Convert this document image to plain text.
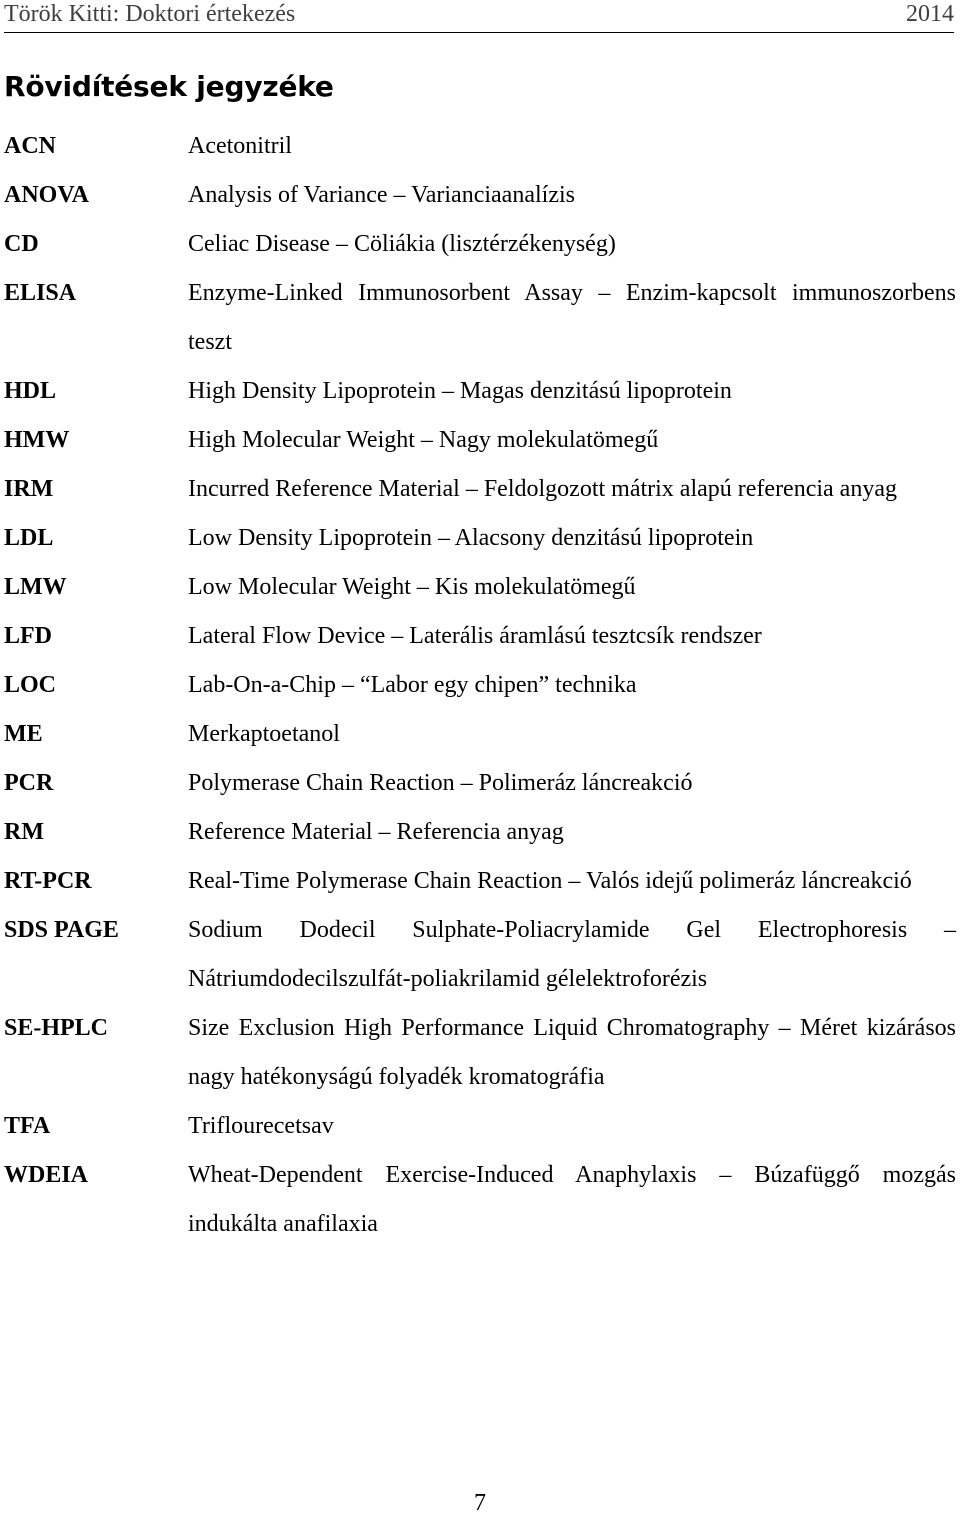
Török Kitti: Doktori értekezés	2014
Rövidítések jegyzéke
ACN	Acetonitril
ANOVA	Analysis of Variance – Varianciaanalízis
CD	Celiac Disease – Cöliákia (lisztérzékenység)
ELISA	Enzyme-Linked Immunosorbent Assay – Enzim-kapcsolt immunoszorbens teszt
HDL	High Density Lipoprotein – Magas denzitású lipoprotein
HMW	High Molecular Weight – Nagy molekulatömegű
IRM	Incurred Reference Material – Feldolgozott mátrix alapú referencia anyag
LDL	Low Density Lipoprotein – Alacsony denzitású lipoprotein
LMW	Low Molecular Weight – Kis molekulatömegű
LFD	Lateral Flow Device – Laterális áramlású tesztcsík rendszer
LOC	Lab-On-a-Chip – “Labor egy chipen” technika
ME	Merkaptoetanol
PCR	Polymerase Chain Reaction – Polimeráz láncreakció
RM	Reference Material – Referencia anyag
RT-PCR	Real-Time Polymerase Chain Reaction – Valós idejű polimeráz láncreakció
SDS PAGE	Sodium Dodecil Sulphate-Poliacrylamide Gel Electrophoresis – Nátriumdodecilszulfát-poliakrilamid gélelektroforézis
SE-HPLC	Size Exclusion High Performance Liquid Chromatography – Méret kizárásos nagy hatékonyságú folyadék kromatográfia
TFA	Triflourecetsav
WDEIA	Wheat-Dependent Exercise-Induced Anaphylaxis – Búzafüggő mozgás indukálta anafilaxia
7
